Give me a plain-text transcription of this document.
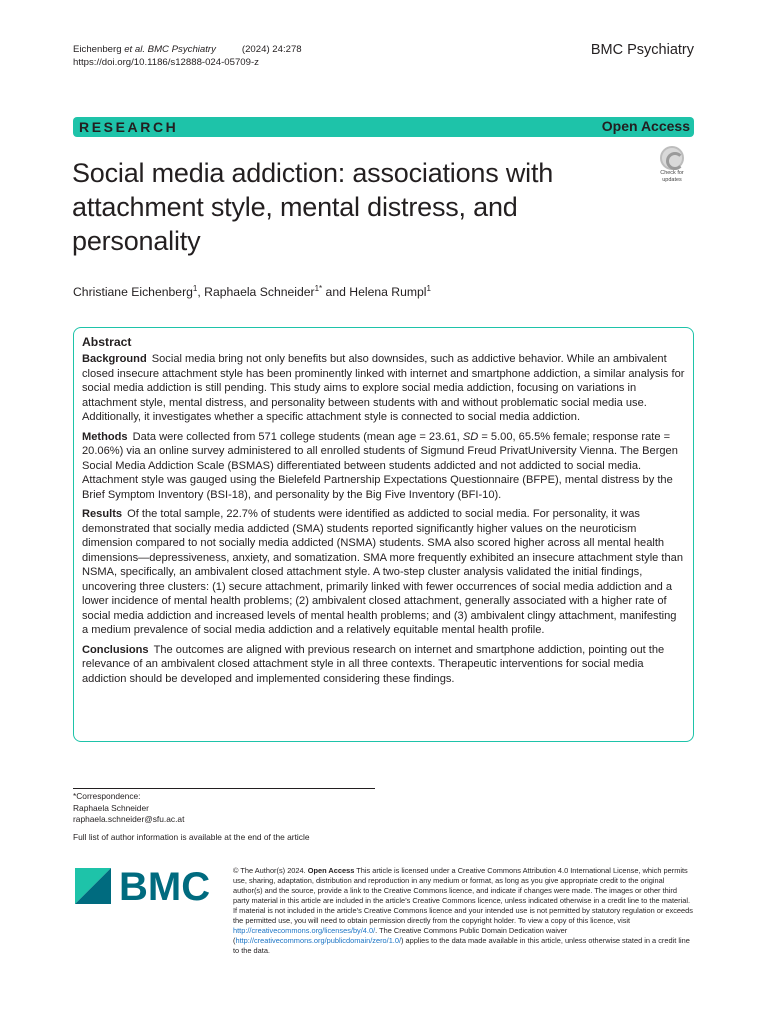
Eichenberg et al. BMC Psychiatry	(2024) 24:278
https://doi.org/10.1186/s12888-024-05709-z
BMC Psychiatry
RESEARCH	Open Access
Social media addiction: associations with attachment style, mental distress, and personality
Check for
updates
Christiane Eichenberg$^1$, Raphaela Schneider$^{1*}$ and Helena Rumpl$^1$
Abstract

Background Social media bring not only benefits but also downsides, such as addictive behavior. While an ambivalent closed insecure attachment style has been prominently linked with internet and smartphone addiction, a similar analysis for social media addiction is still pending. This study aims to explore social media addiction, focusing on variations in attachment style, mental distress, and personality between students with and without problematic social media use. Additionally, it investigates whether a specific attachment style is connected to social media addiction.

Methods Data were collected from 571 college students (mean age = 23.61, SD = 5.00, 65.5% female; response rate = 20.06%) via an online survey administered to all enrolled students of Sigmund Freud PrivatUniversity Vienna. The Bergen Social Media Addiction Scale (BSMAS) differentiated between students addicted and not addicted to social media. Attachment style was gauged using the Bielefeld Partnership Expectations Questionnaire (BFPE), mental distress by the Brief Symptom Inventory (BSI-18), and personality by the Big Five Inventory (BFI-10).

Results Of the total sample, 22.7% of students were identified as addicted to social media. For personality, it was demonstrated that socially media addicted (SMA) students reported significantly higher values on the neuroticism dimension compared to not socially media addicted (NSMA) students. SMA also scored higher across all mental health dimensions—depressiveness, anxiety, and somatization. SMA more frequently exhibited an insecure attachment style than NSMA, specifically, an ambivalent closed attachment style. A two-step cluster analysis validated the initial findings, uncovering three clusters: (1) secure attachment, primarily linked with fewer occurrences of social media addiction and a lower incidence of mental health problems; (2) ambivalent closed attachment, generally associated with a higher rate of social media addiction and increased levels of mental health problems; and (3) ambivalent clingy attachment, manifesting a medium prevalence of social media addiction and a relatively equitable mental health profile.

Conclusions The outcomes are aligned with previous research on internet and smartphone addiction, pointing out the relevance of an ambivalent closed attachment style in all three contexts. Therapeutic interventions for social media addiction should be developed and implemented considering these findings.

*Correspondence:
Raphaela Schneider
raphaela.schneider@sfu.ac.at
Full list of author information is available at the end of the article
BMC	© The Author(s) 2024. Open Access This article is licensed under a Creative Commons Attribution 4.0 International License, which permits use, sharing, adaptation, distribution and reproduction in any medium or format, as long as you give appropriate credit to the original author(s) and the source, provide a link to the Creative Commons licence, and indicate if changes were made. The images or other third party material in this article are included in the article’s Creative Commons licence, unless indicated otherwise in a credit line to the material. If material is not included in the article’s Creative Commons licence and your intended use is not permitted by statutory regulation or exceeds the permitted use, you will need to obtain permission directly from the copyright holder. To view a copy of this licence, visit http://creativecommons.org/licenses/by/4.0/. The Creative Commons Public Domain Dedication waiver (http://creativecommons.org/publicdomain/zero/1.0/) applies to the data made available in this article, unless otherwise stated in a credit line to the data.
